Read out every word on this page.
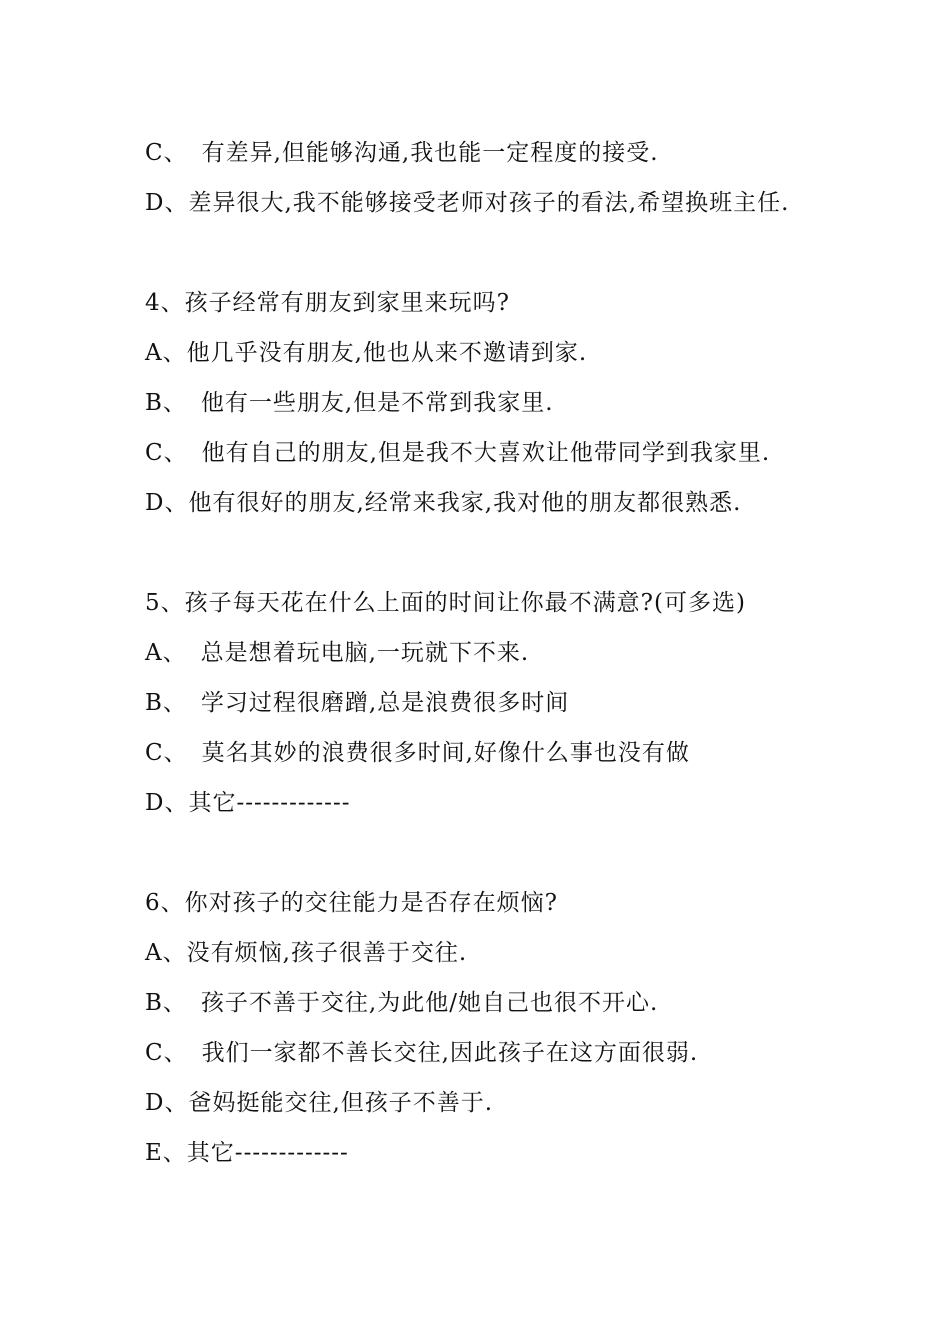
C、 有差异,但能够沟通,我也能一定程度的接受.
D、差异很大,我不能够接受老师对孩子的看法,希望换班主任.
4、孩子经常有朋友到家里来玩吗?
A、他几乎没有朋友,他也从来不邀请到家.
B、 他有一些朋友,但是不常到我家里.
C、 他有自己的朋友,但是我不大喜欢让他带同学到我家里.
D、他有很好的朋友,经常来我家,我对他的朋友都很熟悉.
5、孩子每天花在什么上面的时间让你最不满意?(可多选)
A、 总是想着玩电脑,一玩就下不来.
B、 学习过程很磨蹭,总是浪费很多时间
C、 莫名其妙的浪费很多时间,好像什么事也没有做
D、其它-------------
6、你对孩子的交往能力是否存在烦恼?
A、没有烦恼,孩子很善于交往.
B、 孩子不善于交往,为此他/她自己也很不开心.
C、 我们一家都不善长交往,因此孩子在这方面很弱.
D、爸妈挺能交往,但孩子不善于.
E、其它-------------
